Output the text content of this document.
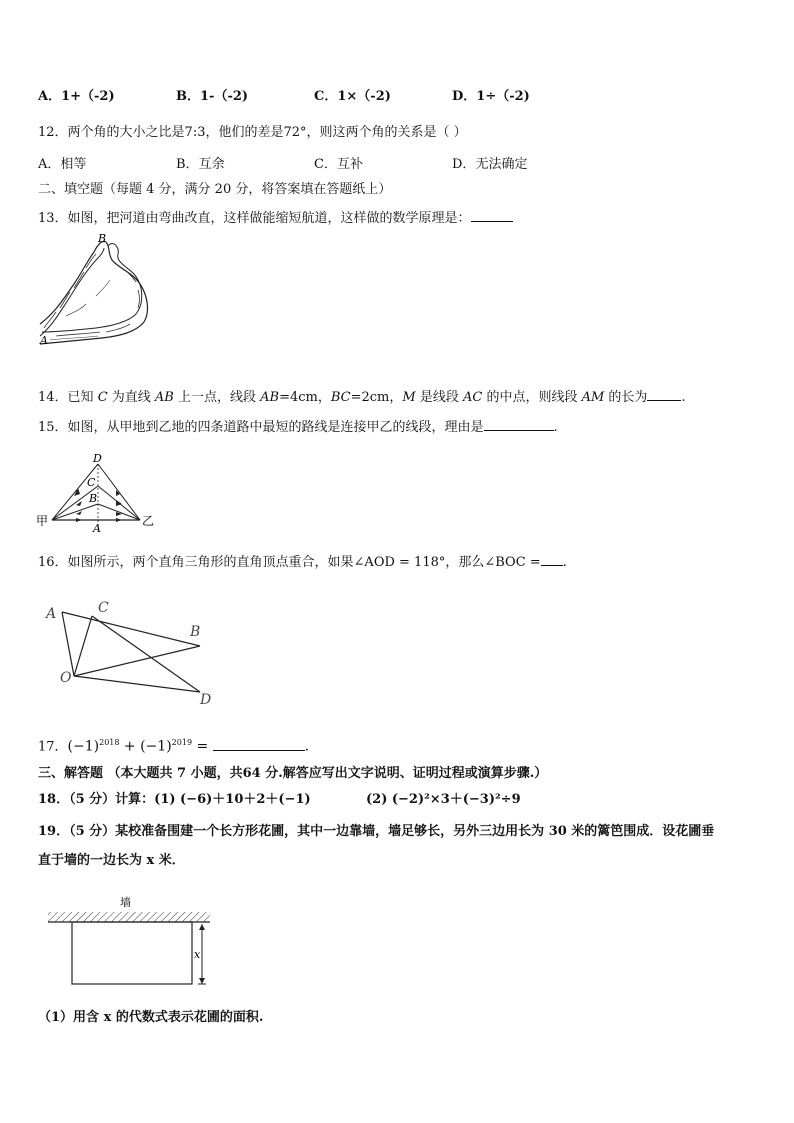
A．1+（-2)	B．1-（-2)	C．1×（-2)	D．1÷（-2)
12．两个角的大小之比是7:3，他们的差是72°，则这两个角的关系是（ ）
A．相等	B．互余	C．互补	D．无法确定
二、填空题（每题 4 分，满分 20 分，将答案填在答题纸上）
13．如图，把河道由弯曲改直，这样做能缩短航道，这样做的数学原理是：
B
A
14．已知 C 为直线 AB 上一点，线段 AB=4cm，BC=2cm，M 是线段 AC 的中点，则线段 AM 的长为	.
15．如图，从甲地到乙地的四条道路中最短的路线是连接甲乙的线段，理由是	.
D
C
B
A
甲	乙
16．如图所示，两个直角三角形的直角顶点重合，如果∠AOD = 118°，那么∠BOC = .
A	C
B
O
D
17．$(-1)^{2018} + (-1)^{2019}$ =	.
三、解答题 （本大题共 7 小题，共64 分.解答应写出文字说明、证明过程或演算步骤.）
18．（5 分）计算：(1) (−6)＋10＋2＋(−1)	(2) (−2)²×3＋(−3)²÷9
19．（5 分）某校准备围建一个长方形花圃，其中一边靠墙，墙足够长，另外三边用长为 30 米的篱笆围成．设花圃垂
直于墙的一边长为 x 米．
墙
x
（1）用含 x 的代数式表示花圃的面积.
